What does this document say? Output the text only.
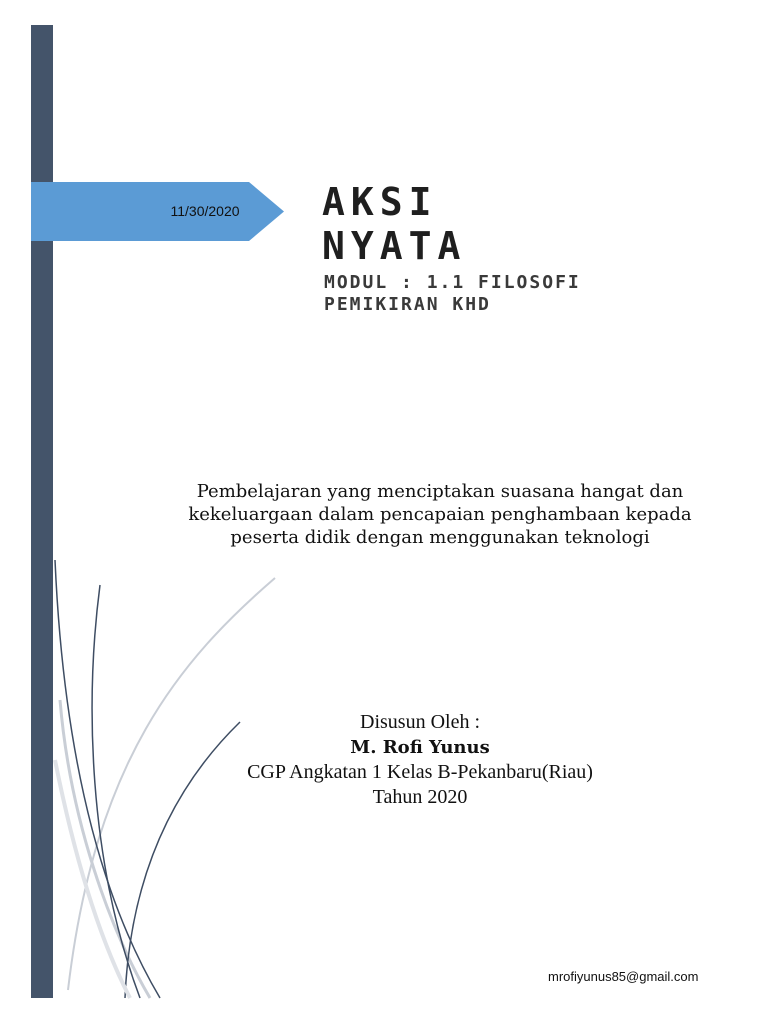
11/30/2020	AKSI
NYATA
MODUL : 1.1 FILOSOFI
PEMIKIRAN KHD
Pembelajaran yang menciptakan suasana hangat dan kekeluargaan dalam pencapaian penghambaan kepada peserta didik dengan menggunakan teknologi
Disusun Oleh :
M. Rofi Yunus
CGP Angkatan 1 Kelas B-Pekanbaru(Riau)
Tahun 2020
mrofiyunus85@gmail.com
